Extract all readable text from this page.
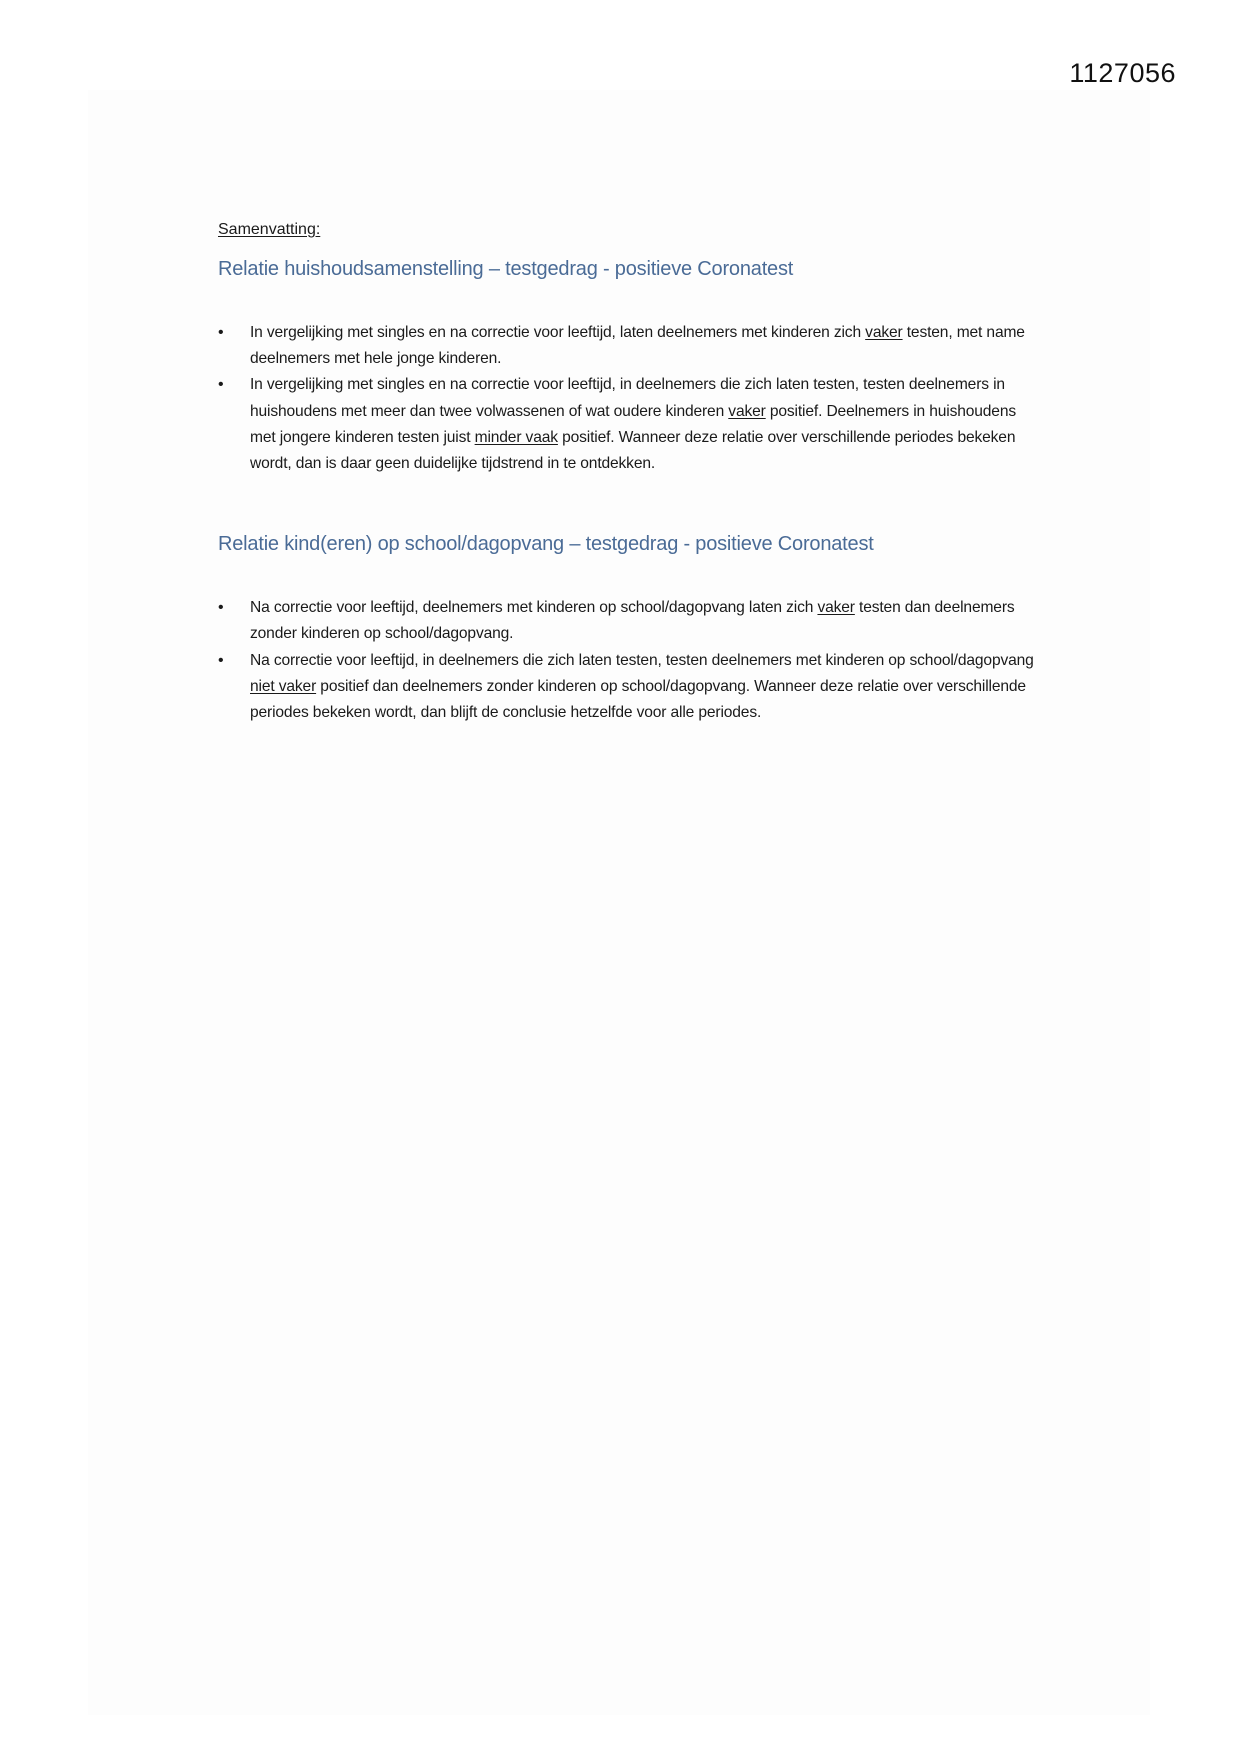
1127056

Samenvatting:

Relatie huishoudsamenstelling – testgedrag - positieve Coronatest
• In vergelijking met singles en na correctie voor leeftijd, laten deelnemers met kinderen zich vaker testen, met name deelnemers met hele jonge kinderen.
• In vergelijking met singles en na correctie voor leeftijd, in deelnemers die zich laten testen, testen deelnemers in huishoudens met meer dan twee volwassenen of wat oudere kinderen vaker positief. Deelnemers in huishoudens met jongere kinderen testen juist minder vaak positief. Wanneer deze relatie over verschillende periodes bekeken wordt, dan is daar geen duidelijke tijdstrend in te ontdekken.
Relatie kind(eren) op school/dagopvang – testgedrag - positieve Coronatest
• Na correctie voor leeftijd, deelnemers met kinderen op school/dagopvang laten zich vaker testen dan deelnemers zonder kinderen op school/dagopvang.
• Na correctie voor leeftijd, in deelnemers die zich laten testen, testen deelnemers met kinderen op school/dagopvang niet vaker positief dan deelnemers zonder kinderen op school/dagopvang. Wanneer deze relatie over verschillende periodes bekeken wordt, dan blijft de conclusie hetzelfde voor alle periodes.
